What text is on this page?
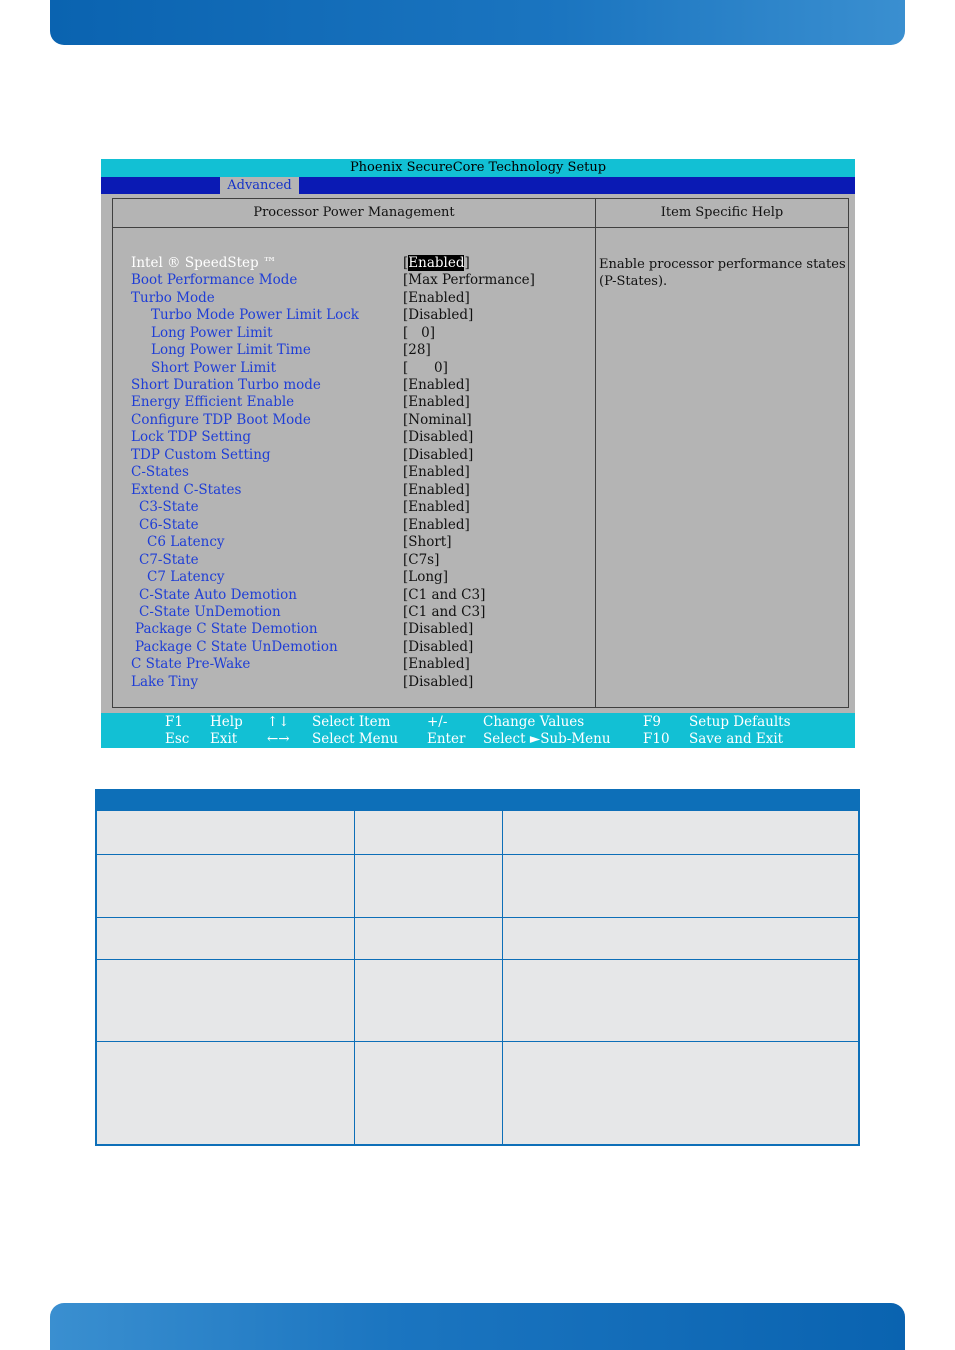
Phoenix SecureCore Technology Setup
Advanced
Processor Power Management	Item Specific Help
Intel ® SpeedStep ™	[Enabled]
Boot Performance Mode	[Max Performance]
Turbo Mode	[Enabled]
Turbo Mode Power Limit Lock	[Disabled]
Long Power Limit	[   0]
Long Power Limit Time	[28]
Short Power Limit	[      0]
Short Duration Turbo mode	[Enabled]
Energy Efficient Enable	[Enabled]
Configure TDP Boot Mode	[Nominal]
Lock TDP Setting	[Disabled]
TDP Custom Setting	[Disabled]
C-States	[Enabled]
Extend C-States	[Enabled]
C3-State	[Enabled]
C6-State	[Enabled]
C6 Latency	[Short]
C7-State	[C7s]
C7 Latency	[Long]
C-State Auto Demotion	[C1 and C3]
C-State UnDemotion	[C1 and C3]
Package C State Demotion	[Disabled]
Package C State UnDemotion	[Disabled]
C State Pre-Wake	[Enabled]
Lake Tiny	[Disabled]
Enable processor performance states (P-States).
F1 Help ↑↓ Select Item	+/-	Change Values	F9 Setup Defaults
Esc Exit ←→ Select Menu Enter Select ►Sub-Menu F10 Save and Exit
